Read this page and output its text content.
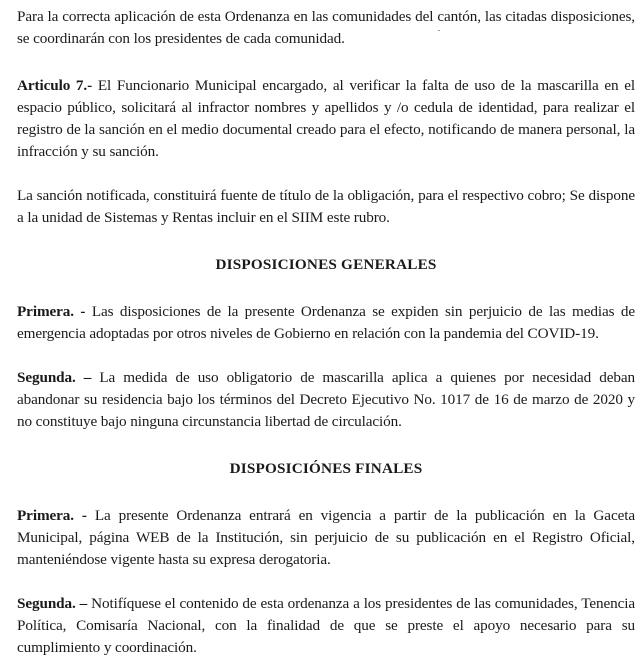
Para la correcta aplicación de esta Ordenanza en las comunidades del cantón, las citadas disposiciones, se coordinarán con los presidentes de cada comunidad.

Articulo 7.- El Funcionario Municipal encargado, al verificar la falta de uso de la mascarilla en el espacio público, solicitará al infractor nombres y apellidos y /o cedula de identidad, para realizar el registro de la sanción en el medio documental creado para el efecto, notificando de manera personal, la infracción y su sanción.

La sanción notificada, constituirá fuente de título de la obligación, para el respectivo cobro; Se dispone a la unidad de Sistemas y Rentas incluir en el SIIM este rubro.

DISPOSICIONES GENERALES

Primera. - Las disposiciones de la presente Ordenanza se expiden sin perjuicio de las medias de emergencia adoptadas por otros niveles de Gobierno en relación con la pandemia del COVID-19.

Segunda. – La medida de uso obligatorio de mascarilla aplica a quienes por necesidad deban abandonar su residencia bajo los términos del Decreto Ejecutivo No. 1017 de 16 de marzo de 2020 y no constituye bajo ninguna circunstancia libertad de circulación.

DISPOSICIÓNES FINALES

Primera. - La presente Ordenanza entrará en vigencia a partir de la publicación en la Gaceta Municipal, página WEB de la Institución, sin perjuicio de su publicación en el Registro Oficial, manteniéndose vigente hasta su expresa derogatoria.

Segunda. – Notifíquese el contenido de esta ordenanza a los presidentes de las comunidades, Tenencia Política, Comisaría Nacional, con la finalidad de que se preste el apoyo necesario para su cumplimiento y coordinación.
